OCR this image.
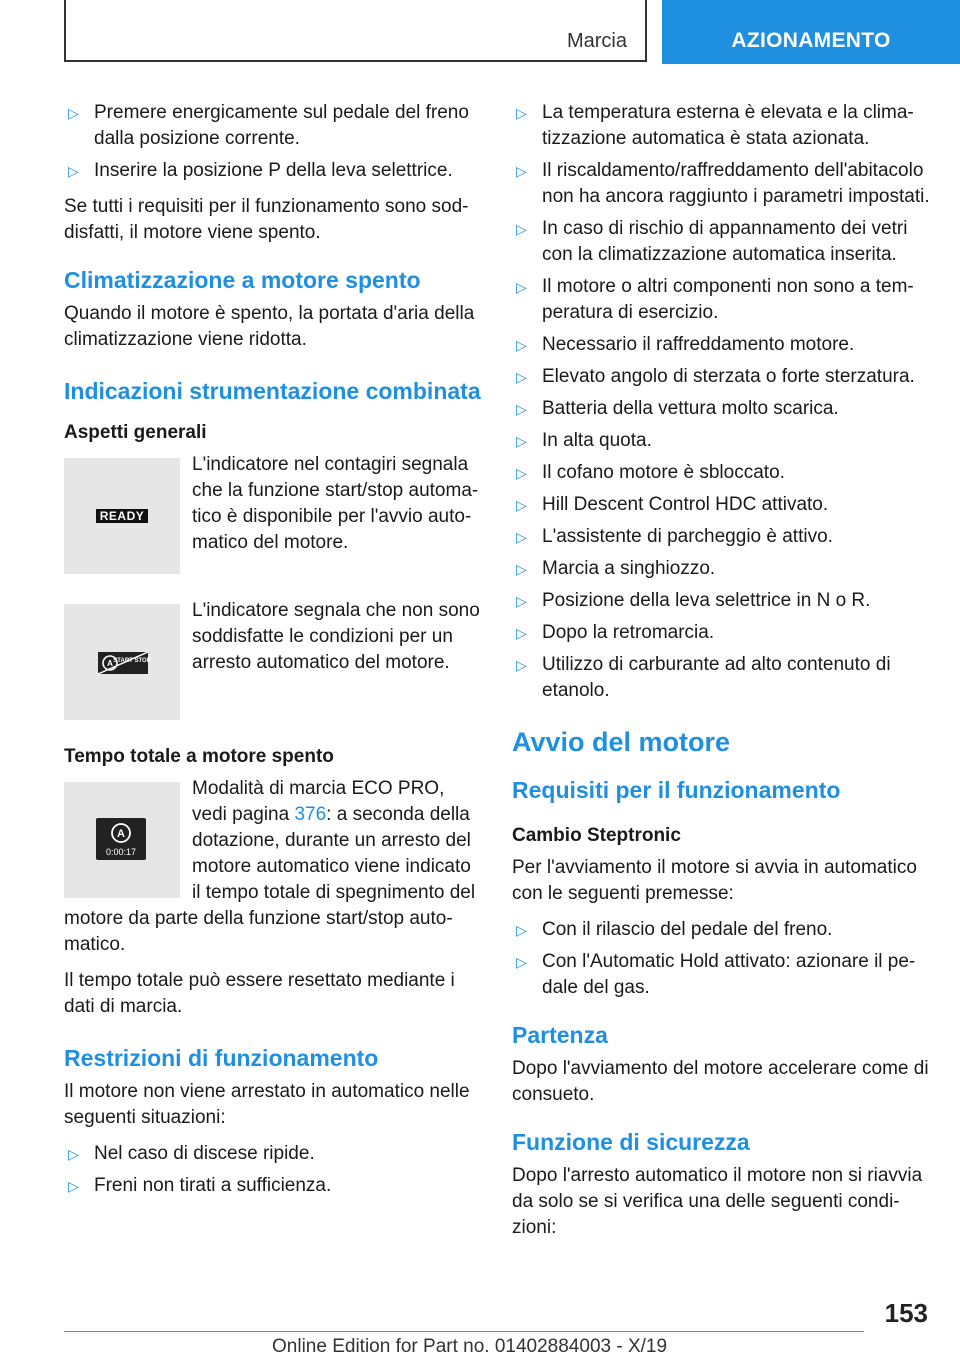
Marcia	AZIONAMENTO
▷ Premere energicamente sul pedale del freno dalla posizione corrente.
▷ Inserire la posizione P della leva selettrice.

Se tutti i requisiti per il funzionamento sono sod-disfatti, il motore viene spento.

Climatizzazione a motore spento

Quando il motore è spento, la portata d'aria della climatizzazione viene ridotta.

Indicazioni strumentazione combinata
Aspetti generali
READY

L'indicatore nel contagiri segnala che la funzione start/stop automa-tico è disponibile per l'avvio auto-matico del motore.

A START STOP

L'indicatore segnala che non sono soddisfatte le condizioni per un arresto automatico del motore.

Tempo totale a motore spento
A
0:00:17

Modalità di marcia ECO PRO, vedi pagina 376: a seconda della dotazione, durante un arresto del motore automatico viene indicato il tempo totale di spegnimento del motore da parte della funzione start/stop auto-matico.

Il tempo totale può essere resettato mediante i dati di marcia.

Restrizioni di funzionamento

Il motore non viene arrestato in automatico nelle seguenti situazioni:

▷ Nel caso di discese ripide.
▷ Freni non tirati a sufficienza.
▷ La temperatura esterna è elevata e la clima-tizzazione automatica è stata azionata.
▷ Il riscaldamento/raffreddamento dell'abitacolo non ha ancora raggiunto i parametri impostati.
▷ In caso di rischio di appannamento dei vetri con la climatizzazione automatica inserita.
▷ Il motore o altri componenti non sono a tem-peratura di esercizio.
▷ Necessario il raffreddamento motore.
▷ Elevato angolo di sterzata o forte sterzatura.
▷ Batteria della vettura molto scarica.
▷ In alta quota.
▷ Il cofano motore è sbloccato.
▷ Hill Descent Control HDC attivato.
▷ L'assistente di parcheggio è attivo.
▷ Marcia a singhiozzo.
▷ Posizione della leva selettrice in N o R.
▷ Dopo la retromarcia.
▷ Utilizzo di carburante ad alto contenuto di etanolo.
Avvio del motore
Requisiti per il funzionamento
Cambio Steptronic

Per l'avviamento il motore si avvia in automatico con le seguenti premesse:

▷ Con il rilascio del pedale del freno.
▷ Con l'Automatic Hold attivato: azionare il pe-dale del gas.
Partenza

Dopo l'avviamento del motore accelerare come di consueto.

Funzione di sicurezza

Dopo l'arresto automatico il motore non si riavvia da solo se si verifica una delle seguenti condi-zioni:

153
Online Edition for Part no. 01402884003 - X/19
